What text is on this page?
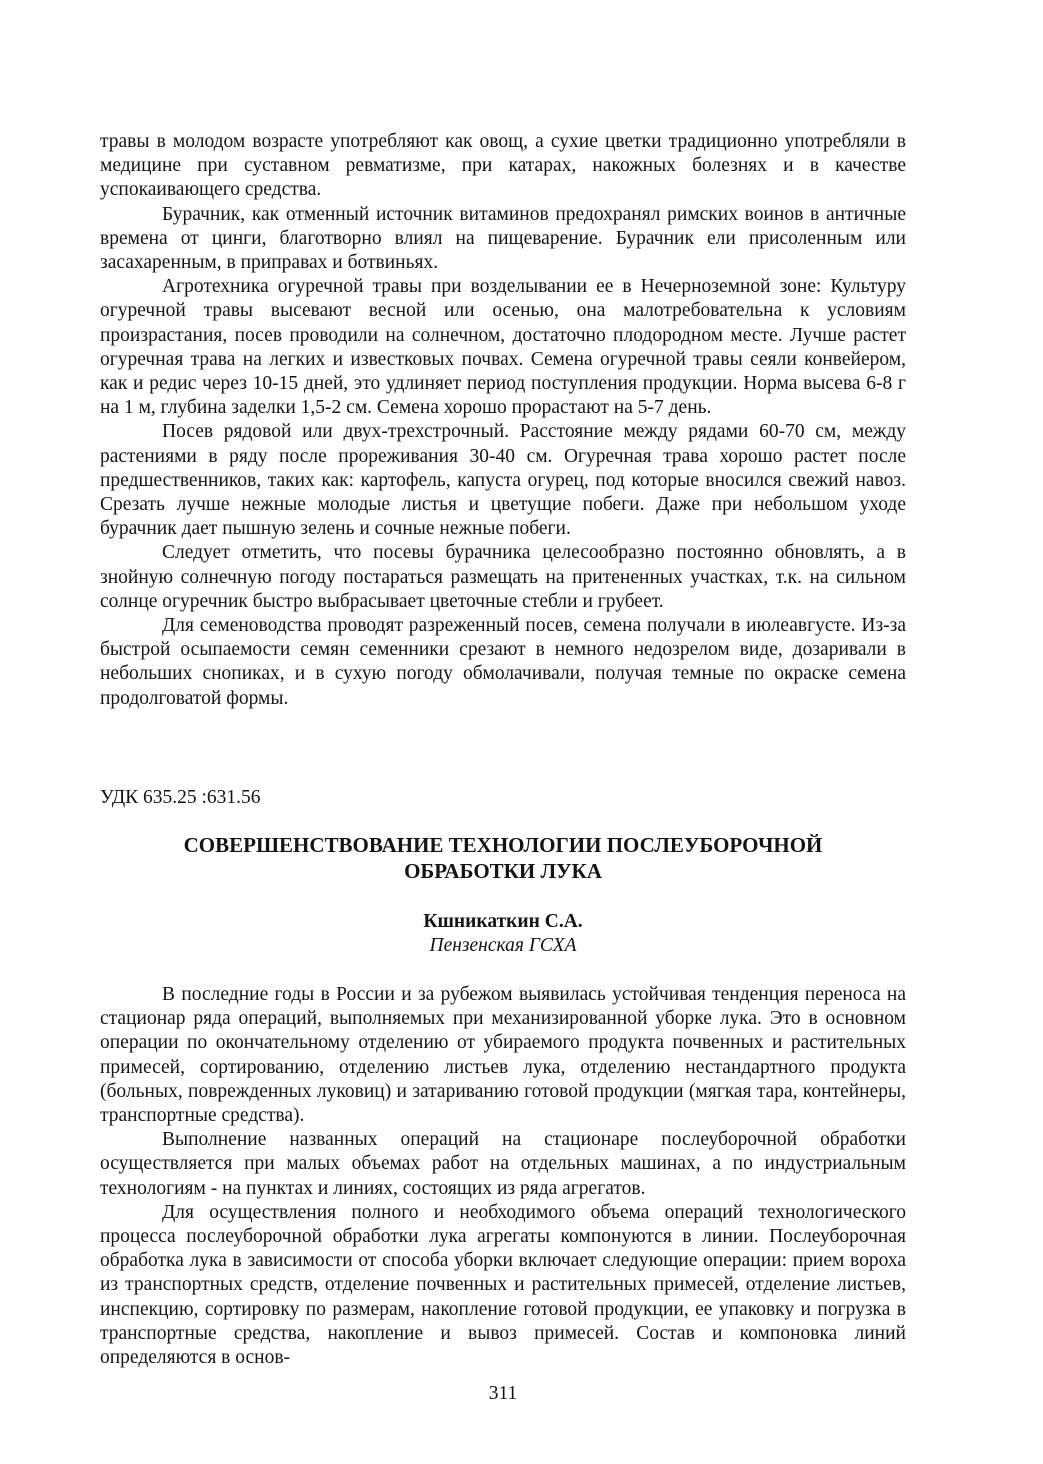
травы в молодом возрасте употребляют как овощ, а сухие цветки традиционно употребляли в медицине при суставном ревматизме, при катарах, накожных болезнях и в качестве успокаивающего средства.

Бурачник, как отменный источник витаминов предохранял римских воинов в античные времена от цинги, благотворно влиял на пищеварение. Бурачник ели присоленным или засахаренным, в приправах и ботвиньях.

Агротехника огуречной травы при возделывании ее в Нечерноземной зоне: Культуру огуречной травы высевают весной или осенью, она малотребовательна к условиям произрастания, посев проводили на солнечном, достаточно плодородном месте. Лучше растет огуречная трава на легких и известковых почвах. Семена огуречной травы сеяли конвейером, как и редис через 10-15 дней, это удлиняет период поступления продукции. Норма высева 6-8 г на 1 м, глубина заделки 1,5-2 см. Семена хорошо прорастают на 5-7 день.

Посев рядовой или двух-трехстрочный. Расстояние между рядами 60-70 см, между растениями в ряду после прореживания 30-40 см. Огуречная трава хорошо растет после предшественников, таких как: картофель, капуста огурец, под которые вносился свежий навоз. Срезать лучше нежные молодые листья и цветущие побеги. Даже при небольшом уходе бурачник дает пышную зелень и сочные нежные побеги.

Следует отметить, что посевы бурачника целесообразно постоянно обновлять, а в знойную солнечную погоду постараться размещать на притененных участках, т.к. на сильном солнце огуречник быстро выбрасывает цветочные стебли и грубеет.

Для семеноводства проводят разреженный посев, семена получали в июлеавгусте. Из-за быстрой осыпаемости семян семенники срезают в немного недозрелом виде, дозаривали в небольших снопиках, и в сухую погоду обмолачивали, получая темные по окраске семена продолговатой формы.

УДК 635.25 :631.56

СОВЕРШЕНСТВОВАНИЕ ТЕХНОЛОГИИ ПОСЛЕУБОРОЧНОЙ
ОБРАБОТКИ ЛУКА

Кшникаткин С.А.

Пензенская ГСХА

В последние годы в России и за рубежом выявилась устойчивая тенденция переноса на стационар ряда операций, выполняемых при механизированной уборке лука. Это в основном операции по окончательному отделению от убираемого продукта почвенных и растительных примесей, сортированию, отделению листьев лука, отделению нестандартного продукта (больных, поврежденных луковиц) и затариванию готовой продукции (мягкая тара, контейнеры, транспортные средства).

Выполнение названных операций на стационаре послеуборочной обработки осуществляется при малых объемах работ на отдельных машинах, а по индустриальным технологиям - на пунктах и линиях, состоящих из ряда агрегатов.

Для осуществления полного и необходимого объема операций технологического процесса послеуборочной обработки лука агрегаты компонуются в линии. Послеуборочная обработка лука в зависимости от способа уборки включает следующие операции: прием вороха из транспортных средств, отделение почвенных и растительных примесей, отделение листьев, инспекцию, сортировку по размерам, накопление готовой продукции, ее упаковку и погрузка в транспортные средства, накопление и вывоз примесей. Состав и компоновка линий определяются в основ-

311
